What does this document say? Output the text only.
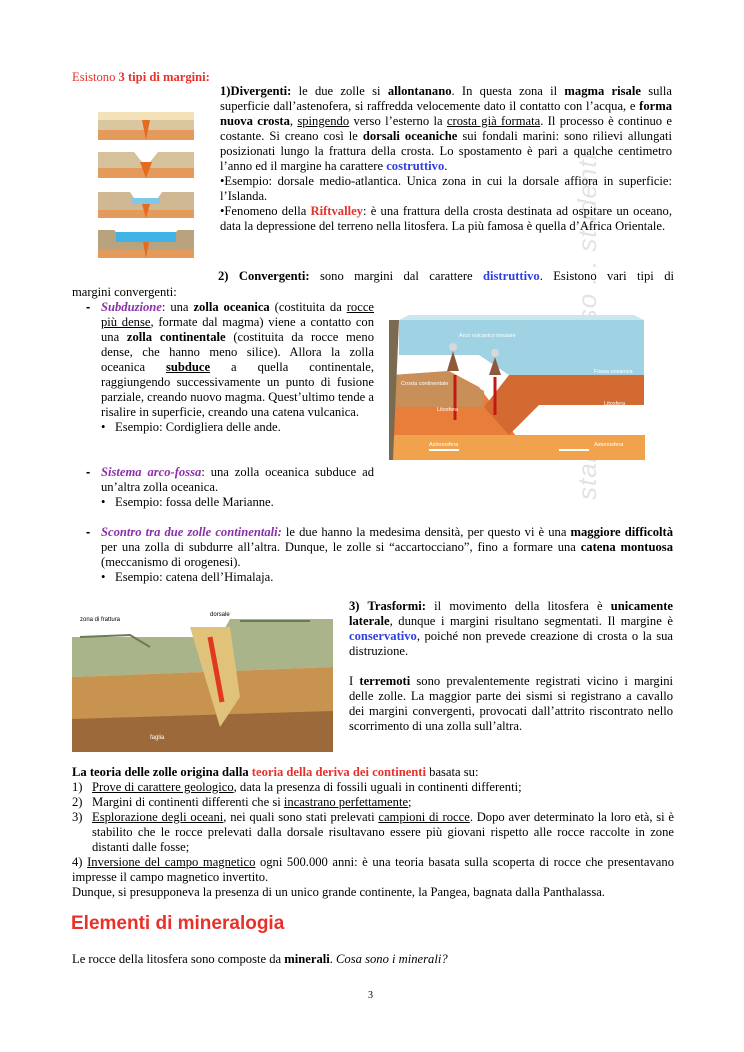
Esistono 3 tipi di margini:
1)Divergenti: le due zolle si allontanano. In questa zona il magma risale sulla superficie dall’astenofera, si raffredda velocemente dato il contatto con l’acqua, e forma nuova crosta, spingendo verso l’esterno la crosta già formata. Il processo è continuo e costante. Si creano così le dorsali oceaniche sui fondali marini: sono rilievi allungati posizionati lungo la frattura della crosta. Lo spostamento è pari a qualche centimetro l’anno ed il margine ha carattere costruttivo.
•Esempio: dorsale medio-atlantica. Unica zona in cui la dorsale affiora in superficie: l’Islanda.
•Fenomeno della Riftvalley: è una frattura della crosta destinata ad ospitare un oceano, data la depressione del terreno nella litosfera. La più famosa è quella d’Africa Orientale.
2) Convergenti: sono margini dal carattere distruttivo. Esistono vari tipi di
margini convergenti:
- Subduzione: una zolla oceanica (costituita da rocce più dense, formate dal magma) viene a contatto con una zolla continentale (costituita da rocce meno dense, che hanno meno silice). Allora la zolla oceanica subduce a quella continentale, raggiungendo successivamente un punto di fusione parziale, creando nuovo magma. Quest’ultimo tende a risalire in superficie, creando una catena vulcanica.
• Esempio: Cordigliera delle ande.
Arco vulcanico insulare
Crosta continentale
Litosfera
Litosfera
Astenosfera	Astenosfera
Fossa oceanica
- Sistema arco-fossa: una zolla oceanica subduce ad un’altra zolla oceanica.
• Esempio: fossa delle Marianne.
- Scontro tra due zolle continentali: le due hanno la medesima densità, per questo vi è una maggiore difficoltà per una zolla di subdurre all’altra. Dunque, le zolle si “accartocciano”, fino a formare una catena montuosa (meccanismo di orogenesi).
• Esempio: catena dell’Himalaja.
zona di frattura
dorsale
faglia
3) Trasformi: il movimento della litosfera è unicamente laterale, dunque i margini risultano segmentati. Il margine è conservativo, poiché non prevede creazione di crosta o la sua distruzione.
I terremoti sono prevalentemente registrati vicino i margini delle zolle. La maggior parte dei sismi si registrano a cavallo dei margini convergenti, provocati dall’attrito riscontrato nello scorrimento di una zolla sull’altra.
La teoria delle zolle origina dalla teoria della deriva dei continenti basata su:
1) Prove di carattere geologico, data la presenza di fossili uguali in continenti differenti;
2) Margini di continenti differenti che si incastrano perfettamente;
3) Esplorazione degli oceani, nei quali sono stati prelevati campioni di rocce. Dopo aver determinato la loro età, si è stabilito che le rocce prelevati dalla dorsale risultavano essere più giovani rispetto alle rocce raccolte in zone distanti dalle fosse;
4) Inversione del campo magnetico ogni 500.000 anni: è una teoria basata sulla scoperta di rocce che presentavano impresse il campo magnetico invertito.
Dunque, si presupponeva la presenza di un unico grande continente, la Pangea, bagnata dalla Panthalassa.
Elementi di mineralogia
Le rocce della litosfera sono composte da minerali. Cosa sono i minerali?
3
